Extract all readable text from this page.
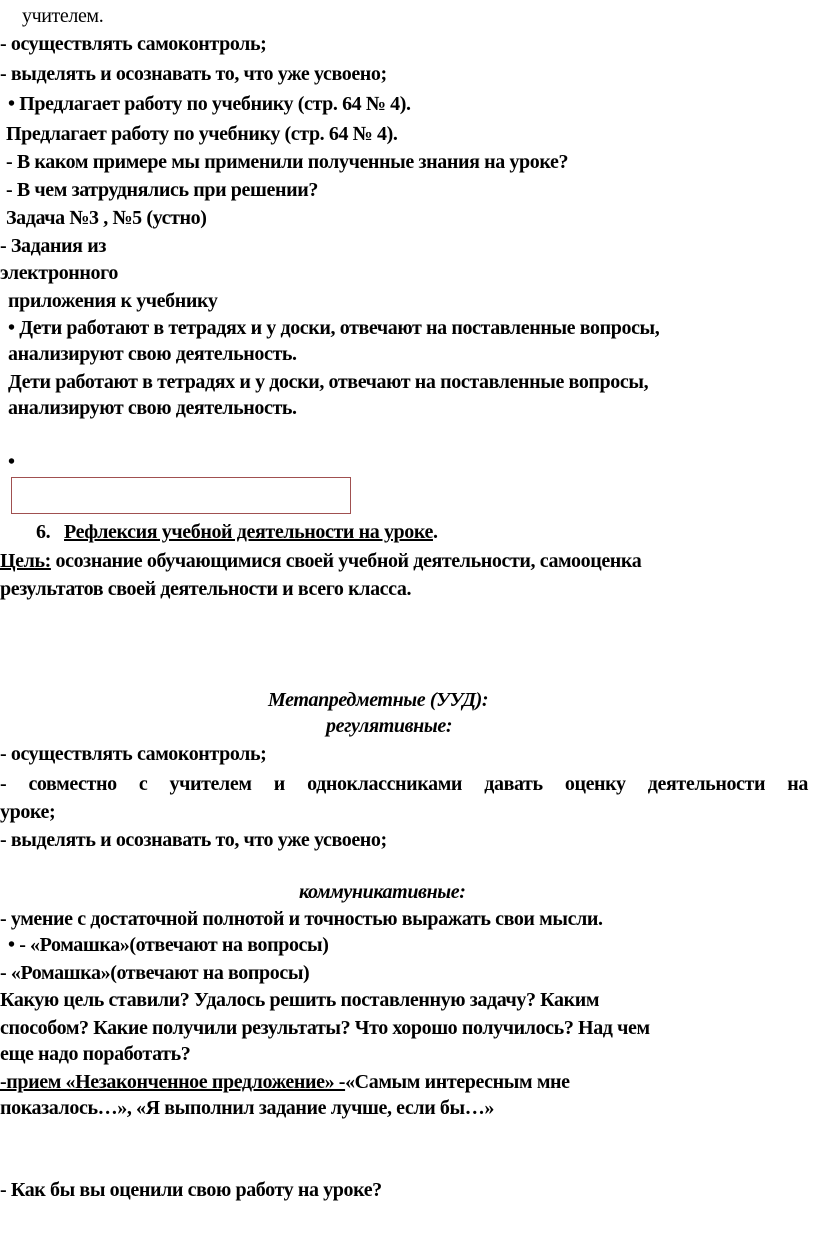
учителем.
- осуществлять самоконтроль;
- выделять и осознавать то, что уже усвоено;
• Предлагает работу по учебнику (стр. 64 № 4).
Предлагает работу по учебнику (стр. 64 № 4).
- В каком примере мы применили полученные знания на уроке?
- В чем затруднялись при решении?
Задача №3 , №5 (устно)
- Задания из
электронного
приложения к учебнику
• Дети работают в тетрадях и у доски, отвечают на поставленные вопросы,
анализируют свою деятельность.
Дети работают в тетрадях и у доски, отвечают на поставленные вопросы,
анализируют свою деятельность.
•
6. Рефлексия учебной деятельности на уроке.
Цель: осознание обучающимися своей учебной деятельности, самооценка
результатов своей деятельности и всего класса.
Метапредметные (УУД):
регулятивные:
- осуществлять самоконтроль;
- совместно с учителем и одноклассниками давать оценку деятельности на
уроке;
- выделять и осознавать то, что уже усвоено;
коммуникативные:
- умение с достаточной полнотой и точностью выражать свои мысли.
• - «Ромашка»(отвечают на вопросы)
- «Ромашка»(отвечают на вопросы)
Какую цель ставили? Удалось решить поставленную задачу? Каким
способом? Какие получили результаты? Что хорошо получилось? Над чем
еще надо поработать?
-прием «Незаконченное предложение» -«Самым интересным мне
показалось…», «Я выполнил задание лучше, если бы…»
- Как бы вы оценили свою работу на уроке?
